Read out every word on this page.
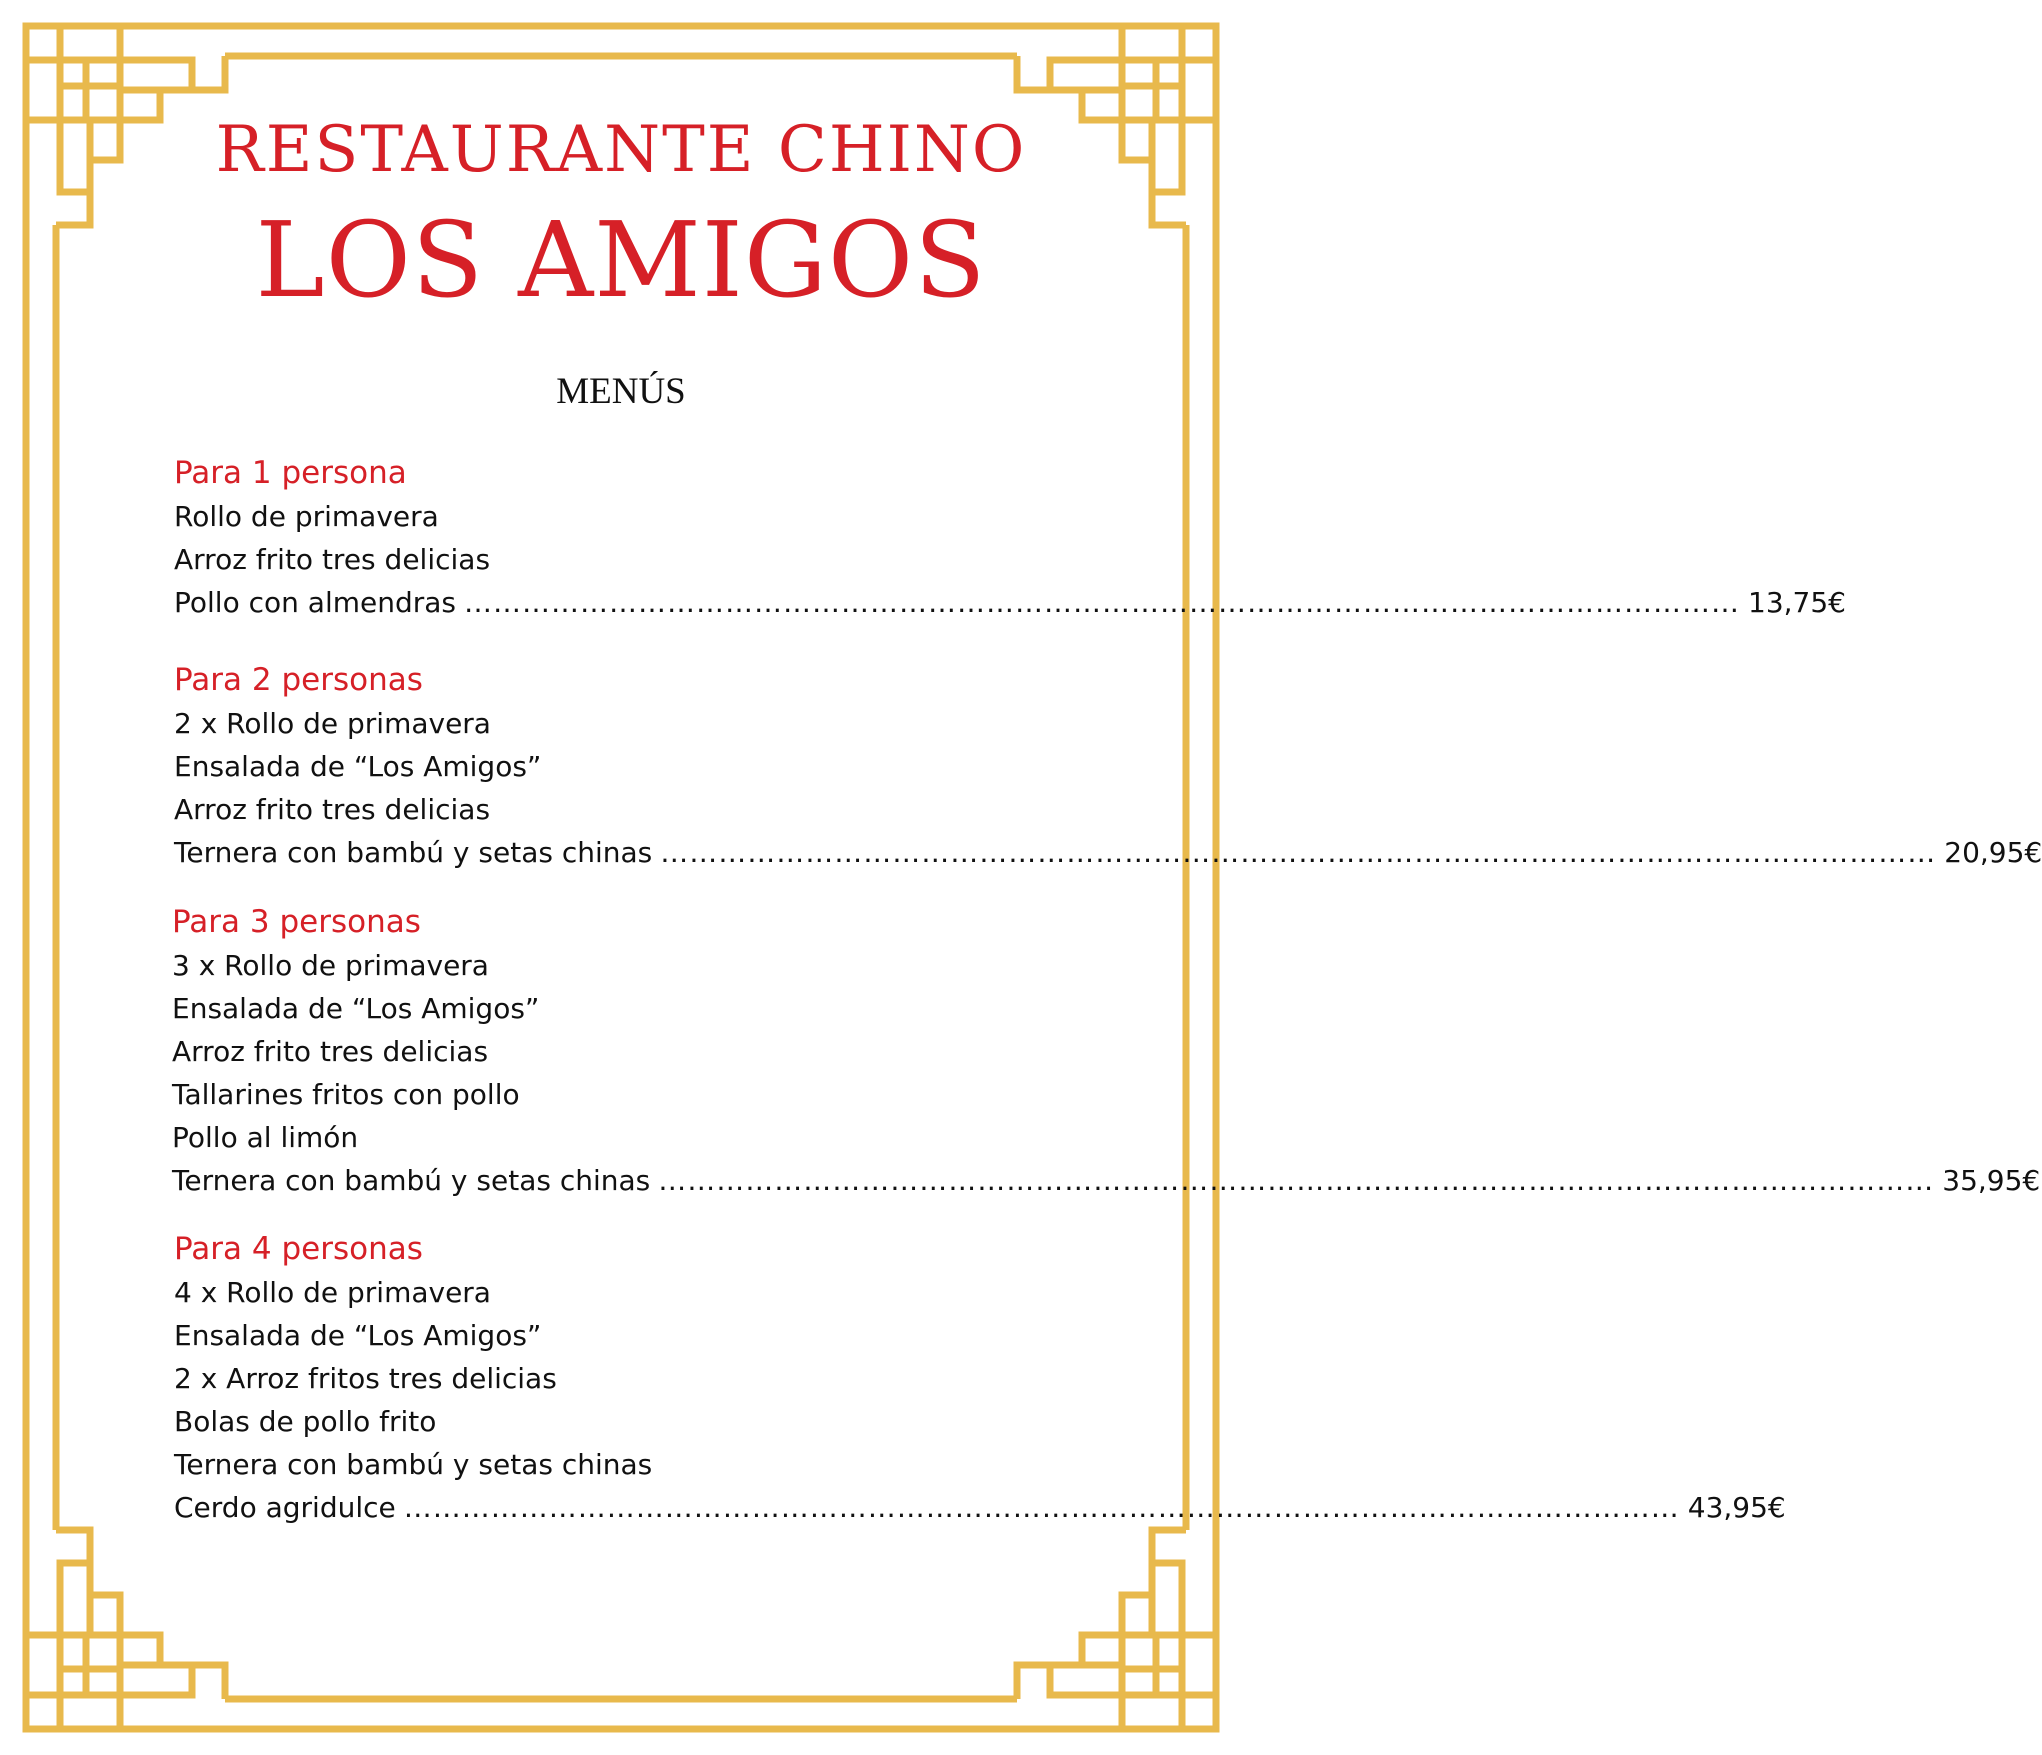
RESTAURANTE CHINO
LOS AMIGOS
MENÚS
Para 1 persona
Rollo de primavera
Arroz frito tres delicias
Pollo con almendras …………………………………………………………………………………………………………………… 13,75€
Para 2 personas
2 x Rollo de primavera
Ensalada de “Los Amigos”
Arroz frito tres delicias
Ternera con bambú y setas chinas …………………………………………………………………………………………………………………… 20,95€
Para 3 personas
3 x Rollo de primavera
Ensalada de “Los Amigos”
Arroz frito tres delicias
Tallarines fritos con pollo
Pollo al limón
Ternera con bambú y setas chinas …………………………………………………………………………………………………………………… 35,95€
Para 4 personas
4 x Rollo de primavera
Ensalada de “Los Amigos”
2 x Arroz fritos tres delicias
Bolas de pollo frito
Ternera con bambú y setas chinas
Cerdo agridulce …………………………………………………………………………………………………………………… 43,95€
